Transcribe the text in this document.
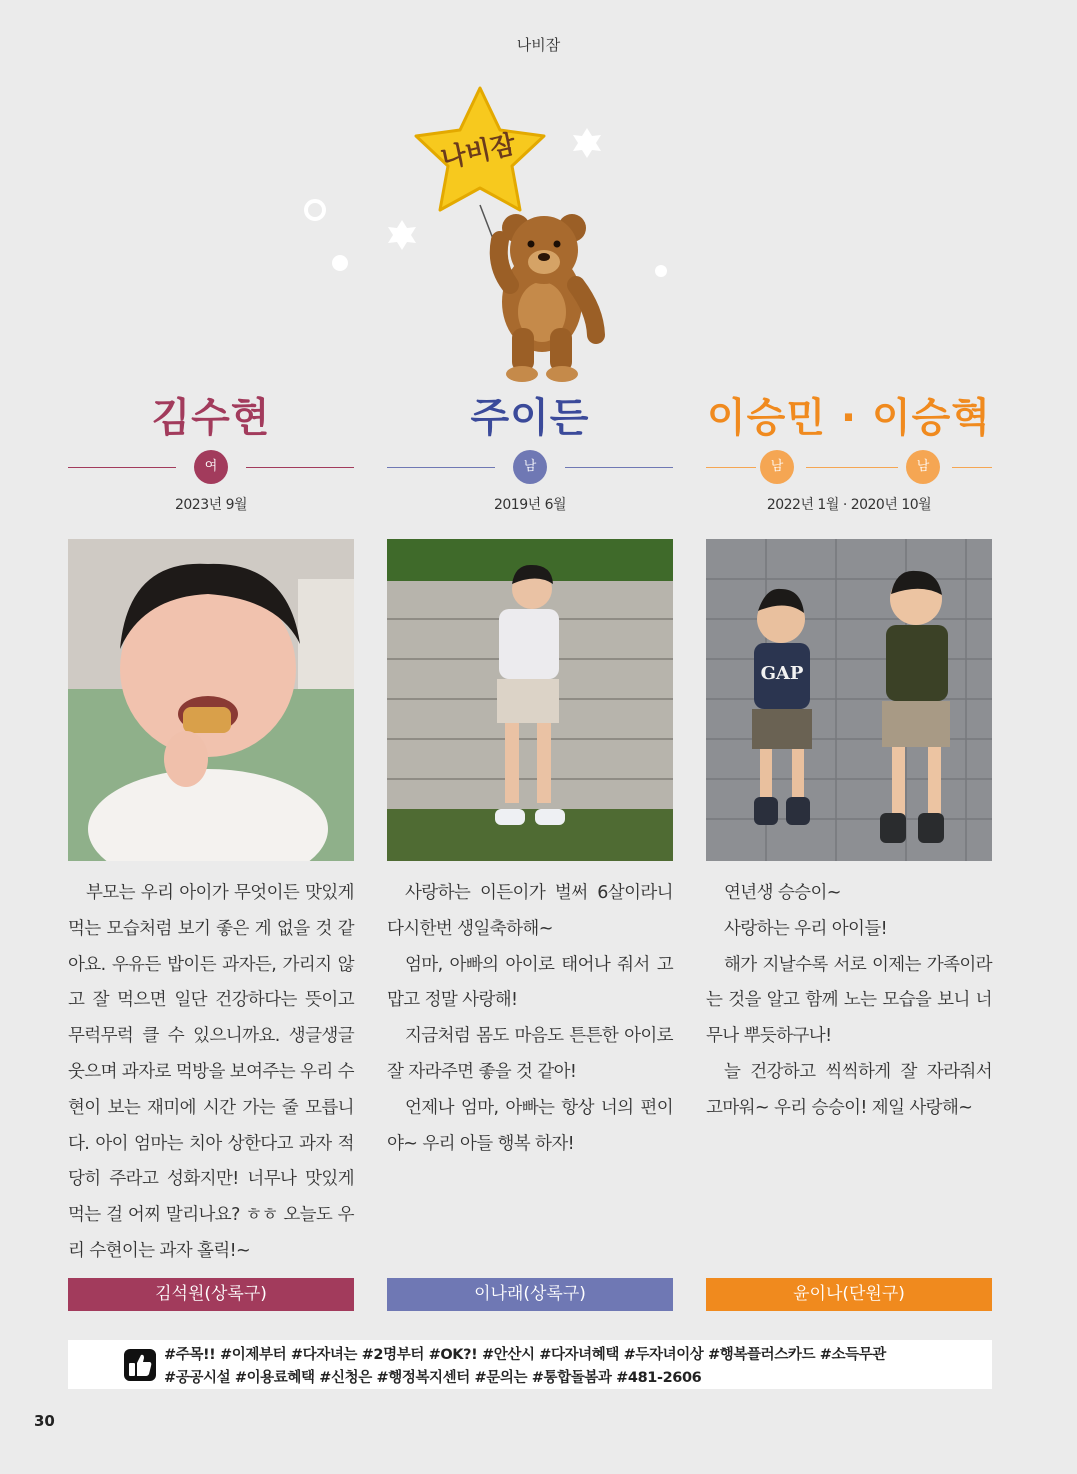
나비잠
나비잠
김수현
여
2023년 9월

부모는 우리 아이가 무엇이든 맛있게 먹는 모습처럼 보기 좋은 게 없을 것 같아요. 우유든 밥이든 과자든, 가리지 않고 잘 먹으면 일단 건강하다는 뜻이고 무럭무럭 클 수 있으니까요. 생글생글 웃으며 과자로 먹방을 보여주는 우리 수현이 보는 재미에 시간 가는 줄 모릅니다. 아이 엄마는 치아 상한다고 과자 적당히 주라고 성화지만! 너무나 맛있게 먹는 걸 어찌 말리나요? ㅎㅎ 오늘도 우리 수현이는 과자 홀릭!~

김석원(상록구)
주이든
남
2019년 6월

사랑하는 이든이가 벌써 6살이라니 다시한번 생일축하해~

엄마, 아빠의 아이로 태어나 줘서 고맙고 정말 사랑해!

지금처럼 몸도 마음도 튼튼한 아이로 잘 자라주면 좋을 것 같아!

언제나 엄마, 아빠는 항상 너의 편이야~ 우리 아들 행복 하자!

이나래(상록구)
이승민 · 이승혁
남	남
2022년 1월 · 2020년 10월
GAP

연년생 승승이~

사랑하는 우리 아이들!

해가 지날수록 서로 이제는 가족이라는 것을 알고 함께 노는 모습을 보니 너무나 뿌듯하구나!

늘 건강하고 씩씩하게 잘 자라줘서 고마워~ 우리 승승이! 제일 사랑해~

윤이나(단원구)
#주목!! #이제부터 #다자녀는 #2명부터 #OK?! #안산시 #다자녀혜택 #두자녀이상 #행복플러스카드 #소득무관
#공공시설 #이용료혜택 #신청은 #행정복지센터 #문의는 #통합돌봄과 #481-2606
30
